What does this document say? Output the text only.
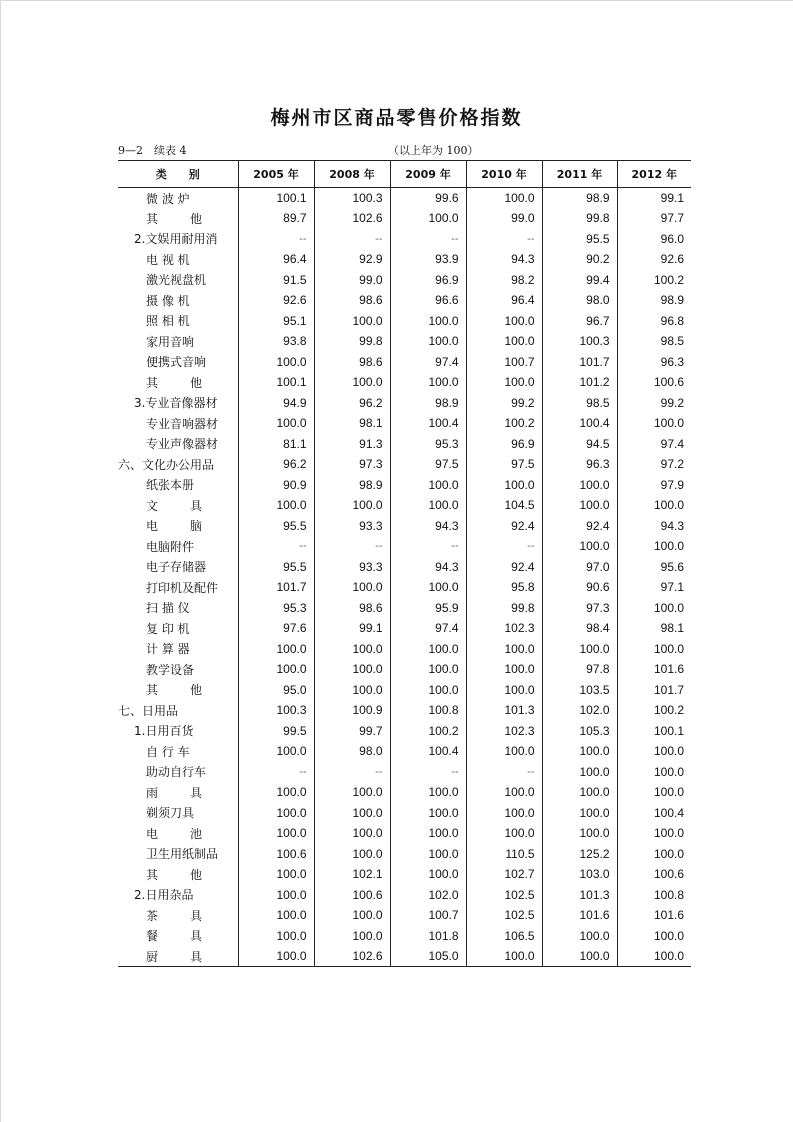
梅州市区商品零售价格指数
9—2　续表 4	（以上年为 100）
类　　别	2005 年	2008 年	2009 年	2010 年	2011 年	2012 年
微 波 炉	100.1	100.3	99.6	100.0	98.9	99.1
其　他	89.7	102.6	100.0	99.0	99.8	97.7
2.文娱用耐用消	--	--	--	--	95.5	96.0
电 视 机	96.4	92.9	93.9	94.3	90.2	92.6
激光视盘机	91.5	99.0	96.9	98.2	99.4	100.2
摄 像 机	92.6	98.6	96.6	96.4	98.0	98.9
照 相 机	95.1	100.0	100.0	100.0	96.7	96.8
家用音响	93.8	99.8	100.0	100.0	100.3	98.5
便携式音响	100.0	98.6	97.4	100.7	101.7	96.3
其　他	100.1	100.0	100.0	100.0	101.2	100.6
3.专业音像器材	94.9	96.2	98.9	99.2	98.5	99.2
专业音响器材	100.0	98.1	100.4	100.2	100.4	100.0
专业声像器材	81.1	91.3	95.3	96.9	94.5	97.4
六、文化办公用品	96.2	97.3	97.5	97.5	96.3	97.2
纸张本册	90.9	98.9	100.0	100.0	100.0	97.9
文　具	100.0	100.0	100.0	104.5	100.0	100.0
电　脑	95.5	93.3	94.3	92.4	92.4	94.3
电脑附件	--	--	--	--	100.0	100.0
电子存储器	95.5	93.3	94.3	92.4	97.0	95.6
打印机及配件	101.7	100.0	100.0	95.8	90.6	97.1
扫 描 仪	95.3	98.6	95.9	99.8	97.3	100.0
复 印 机	97.6	99.1	97.4	102.3	98.4	98.1
计 算 器	100.0	100.0	100.0	100.0	100.0	100.0
教学设备	100.0	100.0	100.0	100.0	97.8	101.6
其　他	95.0	100.0	100.0	100.0	103.5	101.7
七、日用品	100.3	100.9	100.8	101.3	102.0	100.2
1.日用百货	99.5	99.7	100.2	102.3	105.3	100.1
自 行 车	100.0	98.0	100.4	100.0	100.0	100.0
助动自行车	--	--	--	--	100.0	100.0
雨　具	100.0	100.0	100.0	100.0	100.0	100.0
剃须刀具	100.0	100.0	100.0	100.0	100.0	100.4
电　池	100.0	100.0	100.0	100.0	100.0	100.0
卫生用纸制品	100.6	100.0	100.0	110.5	125.2	100.0
其　他	100.0	102.1	100.0	102.7	103.0	100.6
2.日用杂品	100.0	100.6	102.0	102.5	101.3	100.8
茶　具	100.0	100.0	100.7	102.5	101.6	101.6
餐　具	100.0	100.0	101.8	106.5	100.0	100.0
厨　具	100.0	102.6	105.0	100.0	100.0	100.0
